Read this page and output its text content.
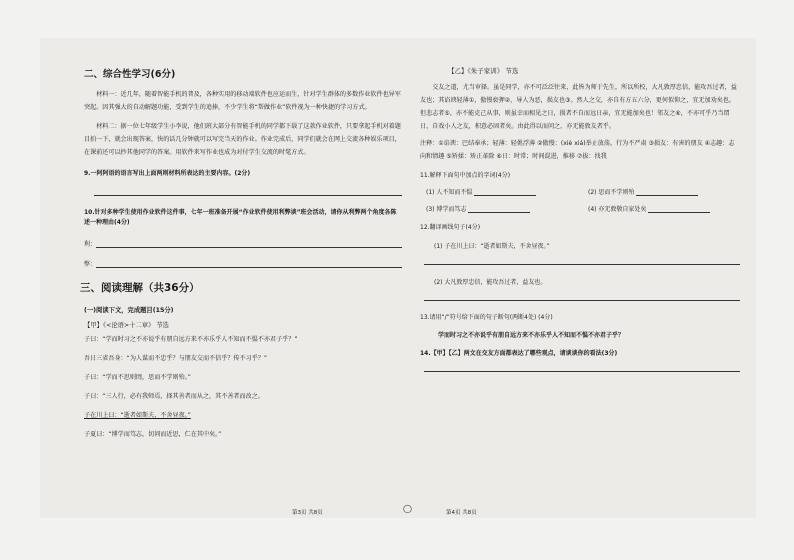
二、综合性学习(6分)

材料一：近几年，随着智能手机的普及，各种实用的移动端软件也应运而生，针对学生群体的多数作业软件也异军突起。因其强大的自动解题功能，受到学生的追捧，不少学生将“帮做作业”软件视为一种快捷的学习方式。

材料二：据一位七年级学生小李说，他们班大部分有智能手机的同学都下载了这款作业软件，只要拿起手机对着题目拍一下，就会出现答案，快的话几分钟就可以写完当天的作业。作业完成后，同学们就会在网上交流各种娱乐项目，在课前还可以抄其他同学的答案。用软件来写作业也成为对付学生交流的时髦方式。

9.一阿阿语的语言写出上面两则材料所表达的主要内容。(2分)
10.针对多种学生使用作业软件这件事，七年一班准备开展“作业软件使用利弊谈”班会活动，请你从利弊两个角度各陈述一种理由(4分)
利：
弊：
三、阅读理解（共36分）
(一)阅读下文，完成题目(15分)
【甲】《<论语>十二章》 节选
子曰：“学而时习之不亦说乎有朋自远方来不亦乐乎人不知而不愠不亦君子乎？”
吾日三省吾身：“为人谋而不忠乎？与朋友交而不信乎？传不习乎？”
子曰：“学而不思则罔，思而不学则殆。”
子曰：“三人行，必有我师焉，择其善者而从之，其不善者而改之。
子在川上曰：“逝者如斯夫，不舍昼夜。”
子夏曰：“博学而笃志，切问而近思，仁在其中矣。”
【乙】《朱子家训》 节选

交友之道，尤当审择。虽是同学，亦不可泛泛往来，此皆为师于先生，所以所校，大凡敦厚忠信，能攻吾过者，益友也；其谄谀轻薄①，傲慢亵狎②，导人为恶，损友也③。然人之交，亦自有方五六分，更何似仰之，宜无加劝矣也。但悲志者⑤，亦不能克己从事，则虽幸而相见之日，损者不自而远日亲，宜无能加矣也！邻友之⑥，不亦可乎乃当谓日，自戏小人之友，积意必固者矣。由此得以而问之，亦无能敦友者乎。

注释：①谄谀：巴结奉承；轻薄：轻佻浮薄 ②傲慢：(xiè xiá)举止放荡，行为不严肃 ③损友：有害的朋友 ④志趣：志向和情趣 ⑤矫揉：矫正革除 ⑥日：时常；时间混进，推移 ⑦拔：找我

11.解释下面句中加点的字词(4分)
(1) 人不知而不愠	(2) 思而不学则殆
(3) 博学而笃志	(4) 亦无敦敬自家处矣
12.翻译画线句子(4分)
(1) 子在川上曰：“逝者如斯夫，不舍昼夜。”
(2) 大凡敦厚忠信，能攻吾过者，益友也。
13.请用“/”符号给下面的句子断句(两断4处) (4分)
学而时习之不亦说乎有朋自远方来不亦乐乎人不知而不愠不亦君子乎？
14.【甲】【乙】两文在交友方面都表达了哪些观点，请谈谈你的看法(3分)
第3页 共8页	◯	第4页 共8页
